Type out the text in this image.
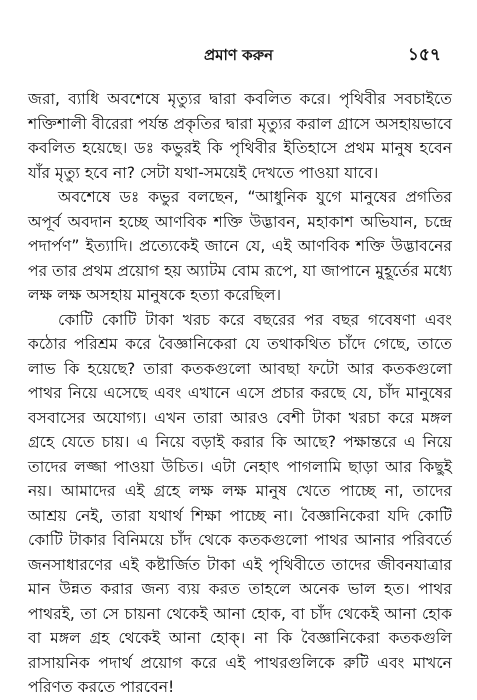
প্রমাণ করুন	১৫৭

জরা, ব্যাধি অবশেষে মৃত্যুর দ্বারা কবলিত করে। পৃথিবীর সবচাইতে শক্তিশালী বীরেরা পর্যন্ত প্রকৃতির দ্বারা মৃত্যুর করাল গ্রাসে অসহায়ভাবে কবলিত হয়েছে। ডঃ কভুরই কি পৃথিবীর ইতিহাসে প্রথম মানুষ হবেন যাঁর মৃত্যু হবে না? সেটা যথা-সময়েই দেখতে পাওয়া যাবে।

অবশেষে ডঃ কভুর বলছেন, “আধুনিক যুগে মানুষের প্রগতির অপূর্ব অবদান হচ্ছে আণবিক শক্তি উদ্ভাবন, মহাকাশ অভিযান, চন্দ্রে পদার্পণ” ইত্যাদি। প্রত্যেকেই জানে যে, এই আণবিক শক্তি উদ্ভাবনের পর তার প্রথম প্রয়োগ হয় অ্যাটম বোম রূপে, যা জাপানে মুহূর্তের মধ্যে লক্ষ লক্ষ অসহায় মানুষকে হত্যা করেছিল।

কোটি কোটি টাকা খরচ করে বছরের পর বছর গবেষণা এবং কঠোর পরিশ্রম করে বৈজ্ঞানিকেরা যে তথাকথিত চাঁদে গেছে, তাতে লাভ কি হয়েছে? তারা কতকগুলো আবছা ফটো আর কতকগুলো পাথর নিয়ে এসেছে এবং এখানে এসে প্রচার করছে যে, চাঁদ মানুষের বসবাসের অযোগ্য। এখন তারা আরও বেশী টাকা খরচা করে মঙ্গল গ্রহে যেতে চায়। এ নিয়ে বড়াই করার কি আছে? পক্ষান্তরে এ নিয়ে তাদের লজ্জা পাওয়া উচিত। এটা নেহাৎ পাগলামি ছাড়া আর কিছুই নয়। আমাদের এই গ্রহে লক্ষ লক্ষ মানুষ খেতে পাচ্ছে না, তাদের আশ্রয় নেই, তারা যথার্থ শিক্ষা পাচ্ছে না। বৈজ্ঞানিকেরা যদি কোটি কোটি টাকার বিনিময়ে চাঁদ থেকে কতকগুলো পাথর আনার পরিবর্তে জনসাধারণের এই কষ্টার্জিত টাকা এই পৃথিবীতে তাদের জীবনযাত্রার মান উন্নত করার জন্য ব্যয় করত তাহলে অনেক ভাল হত। পাথর পাথরই, তা সে চায়না থেকেই আনা হোক, বা চাঁদ থেকেই আনা হোক বা মঙ্গল গ্রহ থেকেই আনা হোক্। না কি বৈজ্ঞানিকেরা কতকগুলি রাসায়নিক পদার্থ প্রয়োগ করে এই পাথরগুলিকে রুটি এবং মাখনে পরিণত করতে পারবেন!
